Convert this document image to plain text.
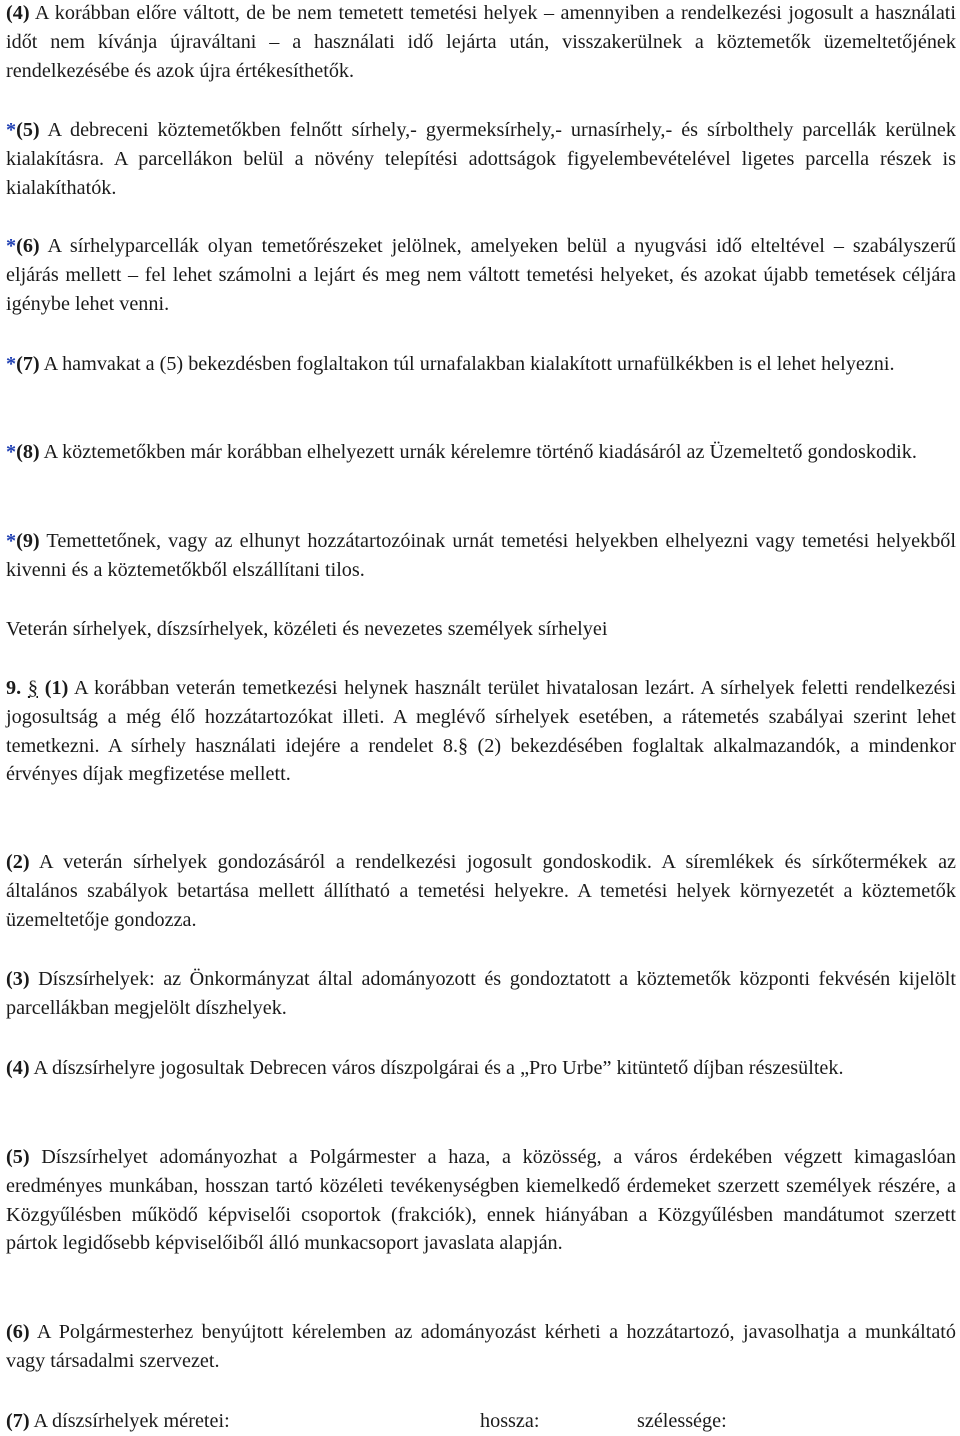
(4) A korábban előre váltott, de be nem temetett temetési helyek – amennyiben a rendelkezési jogosult a használati időt nem kívánja újraváltani – a használati idő lejárta után, visszakerülnek a köztemetők üzemeltetőjének rendelkezésébe és azok újra értékesíthetők.

*(5) A debreceni köztemetőkben felnőtt sírhely,- gyermeksírhely,- urnasírhely,- és sírbolthely parcellák kerülnek kialakításra. A parcellákon belül a növény telepítési adottságok figyelembevételével ligetes parcella részek is kialakíthatók.

*(6) A sírhelyparcellák olyan temetőrészeket jelölnek, amelyeken belül a nyugvási idő elteltével – szabályszerű eljárás mellett – fel lehet számolni a lejárt és meg nem váltott temetési helyeket, és azokat újabb temetések céljára igénybe lehet venni.

*(7) A hamvakat a (5) bekezdésben foglaltakon túl urnafalakban kialakított urnafülkékben is el lehet helyezni.

*(8) A köztemetőkben már korábban elhelyezett urnák kérelemre történő kiadásáról az Üzemeltető gondoskodik.

*(9) Temettetőnek, vagy az elhunyt hozzátartozóinak urnát temetési helyekben elhelyezni vagy temetési helyekből kivenni és a köztemetőkből elszállítani tilos.

Veterán sírhelyek, díszsírhelyek, közéleti és nevezetes személyek sírhelyei

9. § (1) A korábban veterán temetkezési helynek használt terület hivatalosan lezárt. A sírhelyek feletti rendelkezési jogosultság a még élő hozzátartozókat illeti. A meglévő sírhelyek esetében, a rátemetés szabályai szerint lehet temetkezni. A sírhely használati idejére a rendelet 8.§ (2) bekezdésében foglaltak alkalmazandók, a mindenkor érvényes díjak megfizetése mellett.

(2) A veterán sírhelyek gondozásáról a rendelkezési jogosult gondoskodik. A síremlékek és sírkőtermékek az általános szabályok betartása mellett állítható a temetési helyekre. A temetési helyek környezetét a köztemetők üzemeltetője gondozza.

(3) Díszsírhelyek: az Önkormányzat által adományozott és gondoztatott a köztemetők központi fekvésén kijelölt parcellákban megjelölt díszhelyek.

(4) A díszsírhelyre jogosultak Debrecen város díszpolgárai és a „Pro Urbe” kitüntető díjban részesültek.

(5) Díszsírhelyet adományozhat a Polgármester a haza, a közösség, a város érdekében végzett kimagaslóan eredményes munkában, hosszan tartó közéleti tevékenységben kiemelkedő érdemeket szerzett személyek részére, a Közgyűlésben működő képviselői csoportok (frakciók), ennek hiányában a Közgyűlésben mandátumot szerzett pártok legidősebb képviselőiből álló munkacsoport javaslata alapján.

(6) A Polgármesterhez benyújtott kérelemben az adományozást kérheti a hozzátartozó, javasolhatja a munkáltató vagy társadalmi szervezet.

(7) A díszsírhelyek méretei:	hossza:	szélessége:
